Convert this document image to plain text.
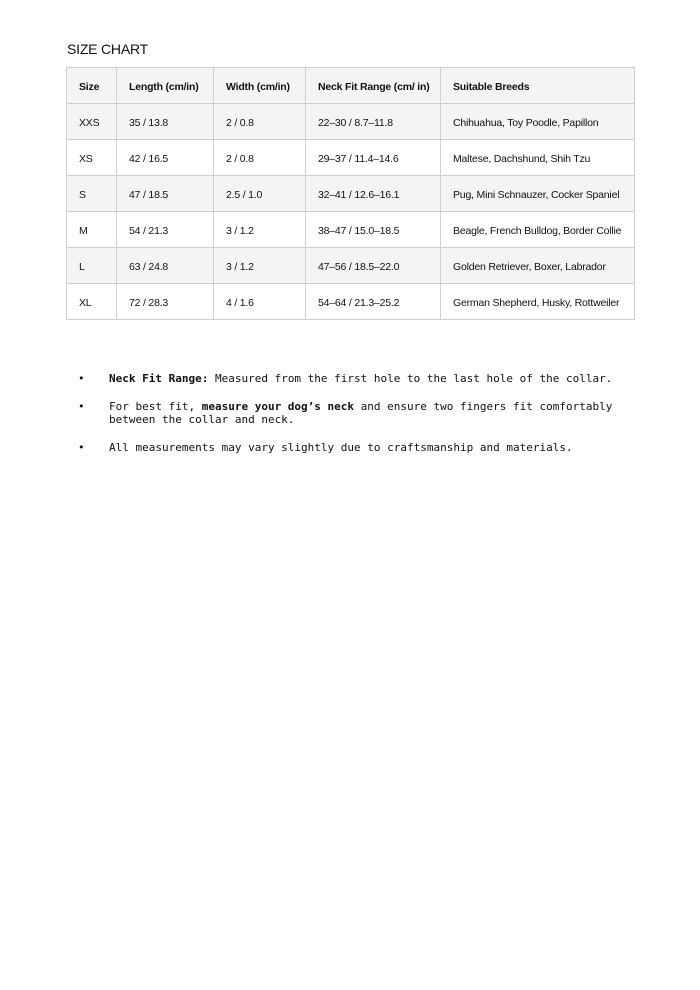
SIZE CHART
Size	Length (cm/in)	Width (cm/in)	Neck Fit Range (cm/ in)	Suitable Breeds
XXS	35 / 13.8	2 / 0.8	22–30 / 8.7–11.8	Chihuahua, Toy Poodle, Papillon
XS	42 / 16.5	2 / 0.8	29–37 / 11.4–14.6	Maltese, Dachshund, Shih Tzu
S	47 / 18.5	2.5 / 1.0	32–41 / 12.6–16.1	Pug, Mini Schnauzer, Cocker Spaniel
M	54 / 21.3	3 / 1.2	38–47 / 15.0–18.5	Beagle, French Bulldog, Border Collie
L	63 / 24.8	3 / 1.2	47–56 / 18.5–22.0	Golden Retriever, Boxer, Labrador
XL	72 / 28.3	4 / 1.6	54–64 / 21.3–25.2	German Shepherd, Husky, Rottweiler
• Neck Fit Range: Measured from the first hole to the last hole of the collar.
• For best fit, measure your dog’s neck and ensure two fingers fit comfortably between the collar and neck.
• All measurements may vary slightly due to craftsmanship and materials.
